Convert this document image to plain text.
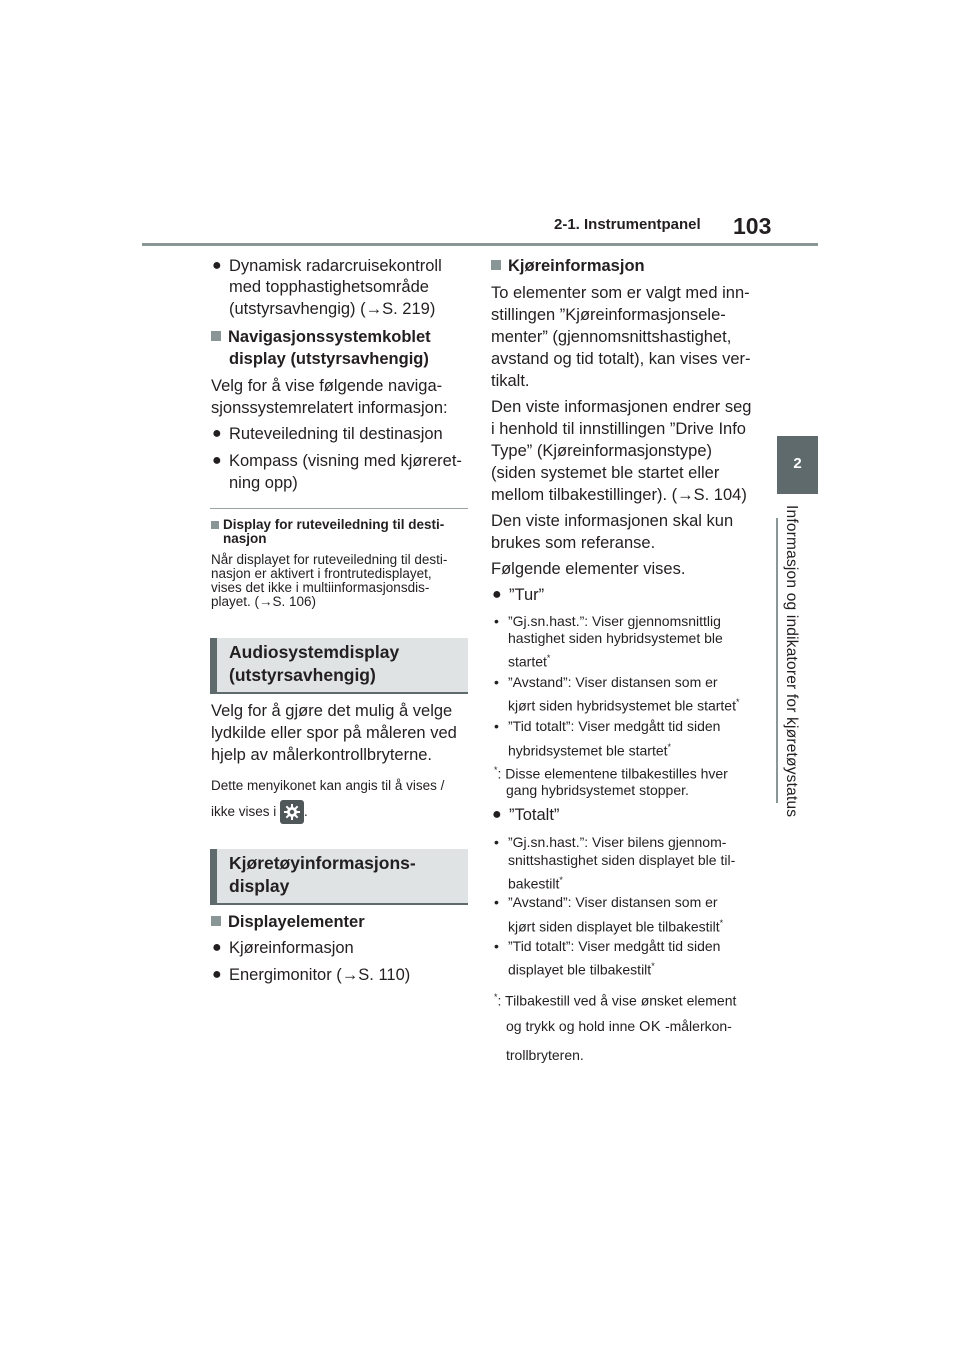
2-1. Instrumentpanel 103
2
Informasjon og indikatorer for kjøretøystatus
● Dynamisk radarcruisekontroll
med topphastighetsområde
(utstyrsavhengig) (→S. 219)
Navigasjonssystemkoblet
display (utstyrsavhengig)
Velg for å vise følgende naviga-
sjonssystemrelatert informasjon:
● Ruteveiledning til destinasjon
● Kompass (visning med kjøreret-
ning opp)
Display for ruteveiledning til desti-
nasjon
Når displayet for ruteveiledning til desti-
nasjon er aktivert i frontrutedisplayet,
vises det ikke i multiinformasjonsdis-
playet. (→S. 106)
Audiosystemdisplay
(utstyrsavhengig)
Velg for å gjøre det mulig å velge
lydkilde eller spor på måleren ved
hjelp av målerkontrollbryterne.
Dette menyikonet kan angis til å vises /
ikke vises i .
Kjøretøyinformasjons-
display
Displayelementer
● Kjøreinformasjon
● Energimonitor (→S. 110)
Kjøreinformasjon
To elementer som er valgt med inn-
stillingen ”Kjøreinformasjonsele-
menter” (gjennomsnittshastighet,
avstand og tid totalt), kan vises ver-
tikalt.
Den viste informasjonen endrer seg
i henhold til innstillingen ”Drive Info
Type” (Kjøreinformasjonstype)
(siden systemet ble startet eller
mellom tilbakestillinger). (→S. 104)
Den viste informasjonen skal kun
brukes som referanse.
Følgende elementer vises.
● ”Tur”
• ”Gj.sn.hast.”: Viser gjennomsnittlig
hastighet siden hybridsystemet ble
startet*
• ”Avstand”: Viser distansen som er
kjørt siden hybridsystemet ble startet*
• ”Tid totalt”: Viser medgått tid siden
hybridsystemet ble startet*
*: Disse elementene tilbakestilles hver
gang hybridsystemet stopper.
● ”Totalt”
• ”Gj.sn.hast.”: Viser bilens gjennom-
snittshastighet siden displayet ble til-
bakestilt*
• ”Avstand”: Viser distansen som er
kjørt siden displayet ble tilbakestilt*
• ”Tid totalt”: Viser medgått tid siden
displayet ble tilbakestilt*
*: Tilbakestill ved å vise ønsket element
og trykk og hold inne OK -målerkon-
trollbryteren.
